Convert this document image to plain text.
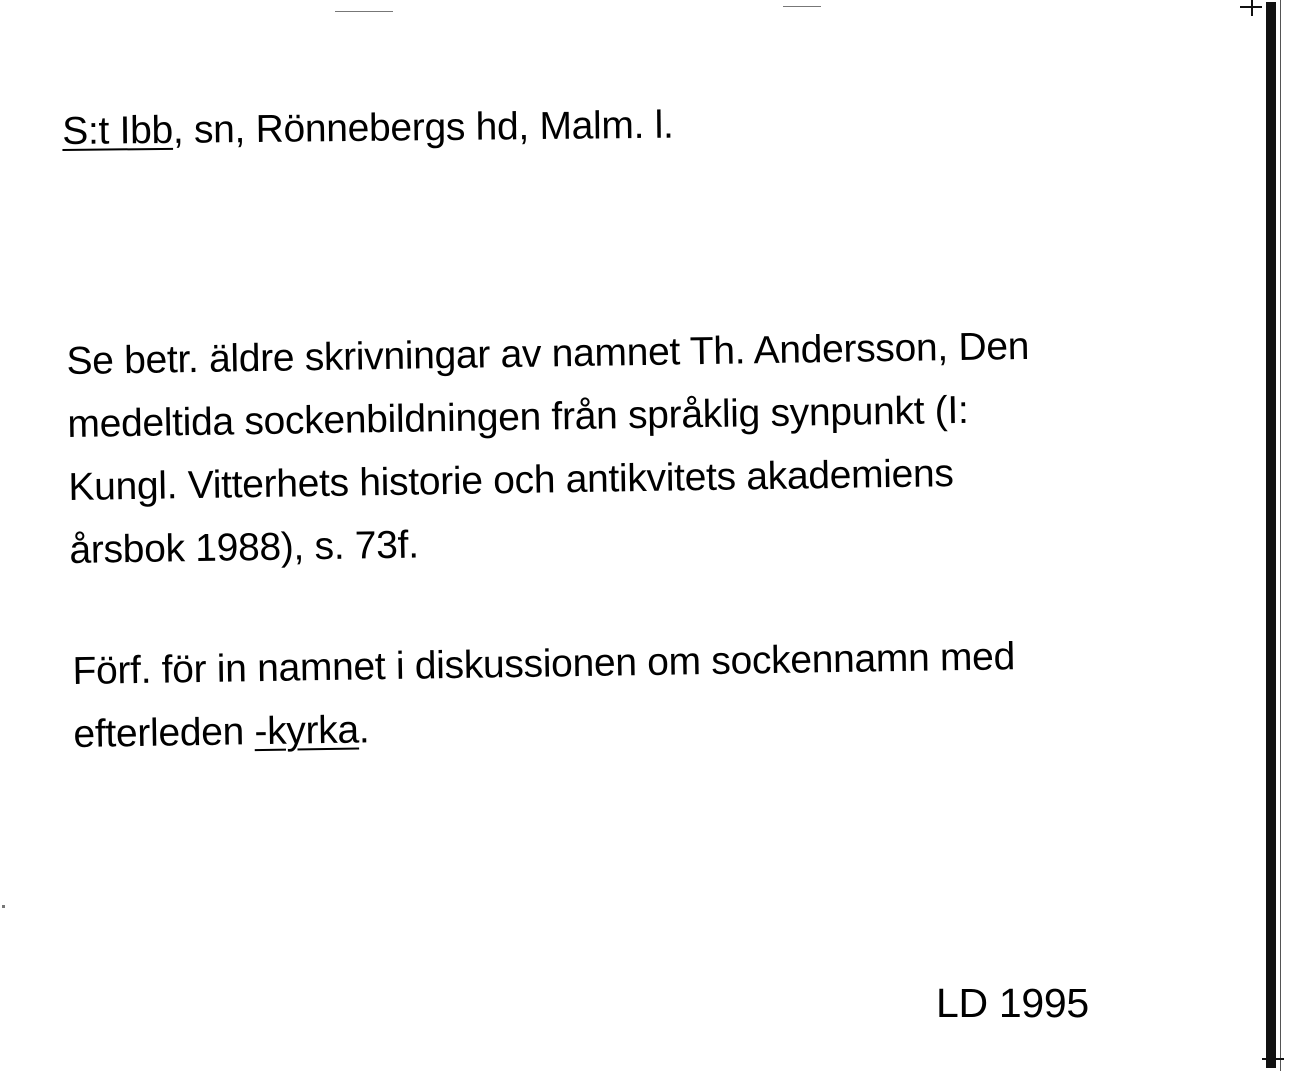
S:t Ibb, sn, Rönnebergs hd, Malm. l.
Se betr. äldre skrivningar av namnet Th. Andersson, Den
medeltida sockenbildningen från språklig synpunkt (I:
Kungl. Vitterhets historie och antikvitets akademiens
årsbok 1988), s. 73f.
Förf. för in namnet i diskussionen om sockennamn med
efterleden -kyrka.
LD 1995
